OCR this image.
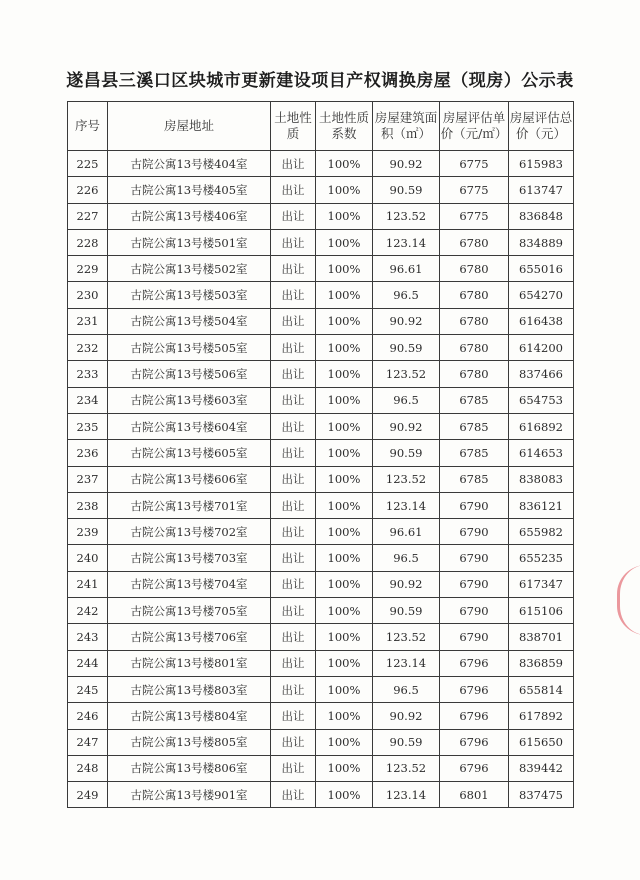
遂昌县三溪口区块城市更新建设项目产权调换房屋（现房）公示表
序号	房屋地址	土地性质	土地性质系数	房屋建筑面积（㎡）	房屋评估单价（元/㎡）	房屋评估总价（元）
225	古院公寓13号楼404室	出让	100%	90.92	6775	615983
226	古院公寓13号楼405室	出让	100%	90.59	6775	613747
227	古院公寓13号楼406室	出让	100%	123.52	6775	836848
228	古院公寓13号楼501室	出让	100%	123.14	6780	834889
229	古院公寓13号楼502室	出让	100%	96.61	6780	655016
230	古院公寓13号楼503室	出让	100%	96.5	6780	654270
231	古院公寓13号楼504室	出让	100%	90.92	6780	616438
232	古院公寓13号楼505室	出让	100%	90.59	6780	614200
233	古院公寓13号楼506室	出让	100%	123.52	6780	837466
234	古院公寓13号楼603室	出让	100%	96.5	6785	654753
235	古院公寓13号楼604室	出让	100%	90.92	6785	616892
236	古院公寓13号楼605室	出让	100%	90.59	6785	614653
237	古院公寓13号楼606室	出让	100%	123.52	6785	838083
238	古院公寓13号楼701室	出让	100%	123.14	6790	836121
239	古院公寓13号楼702室	出让	100%	96.61	6790	655982
240	古院公寓13号楼703室	出让	100%	96.5	6790	655235
241	古院公寓13号楼704室	出让	100%	90.92	6790	617347
242	古院公寓13号楼705室	出让	100%	90.59	6790	615106
243	古院公寓13号楼706室	出让	100%	123.52	6790	838701
244	古院公寓13号楼801室	出让	100%	123.14	6796	836859
245	古院公寓13号楼803室	出让	100%	96.5	6796	655814
246	古院公寓13号楼804室	出让	100%	90.92	6796	617892
247	古院公寓13号楼805室	出让	100%	90.59	6796	615650
248	古院公寓13号楼806室	出让	100%	123.52	6796	839442
249	古院公寓13号楼901室	出让	100%	123.14	6801	837475
